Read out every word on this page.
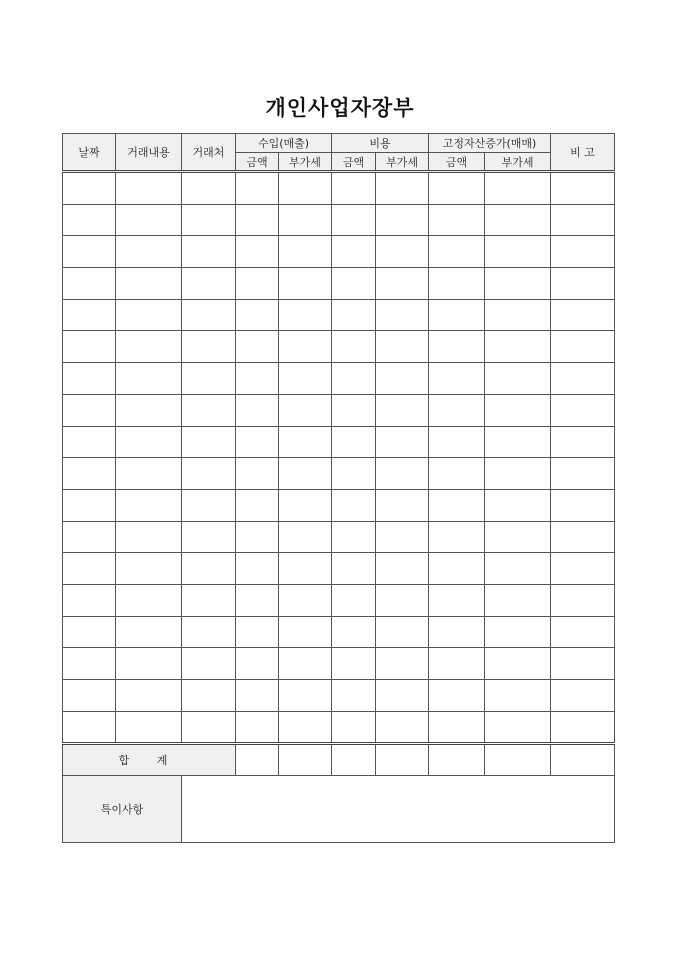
개인사업자장부
날짜	거래내용	거래처	수입(매출)		비용		고정자산증가(매매)		비 고
			금액	부가세	금액	부가세	금액	부가세	

합 계									
특이사항									
